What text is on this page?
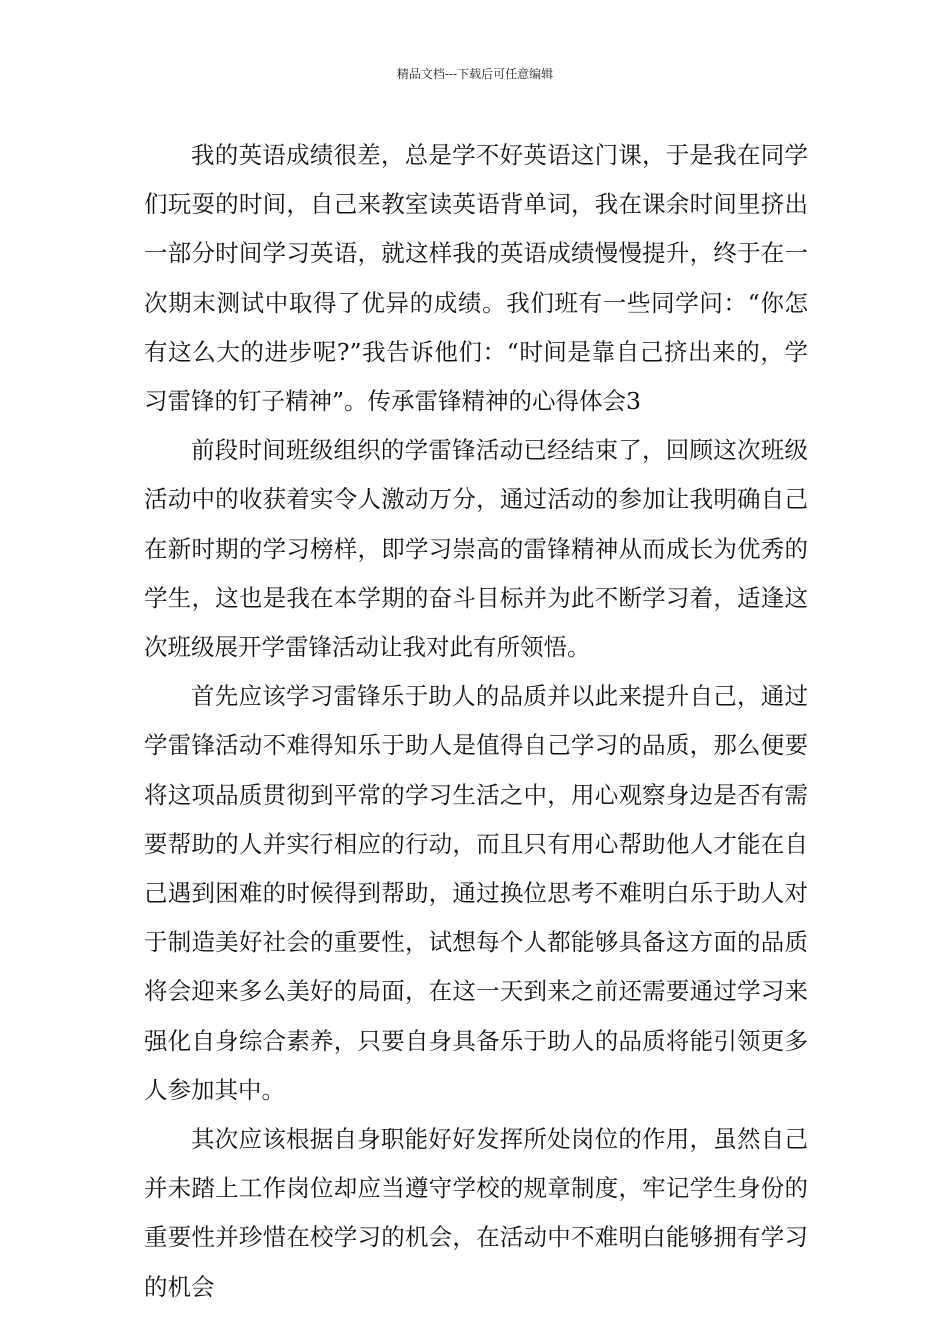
精品文档---下载后可任意编辑

我的英语成绩很差，总是学不好英语这门课，于是我在同学们玩耍的时间，自己来教室读英语背单词，我在课余时间里挤出一部分时间学习英语，就这样我的英语成绩慢慢提升，终于在一次期末测试中取得了优异的成绩。我们班有一些同学问：“你怎有这么大的进步呢?”我告诉他们：“时间是靠自己挤出来的，学习雷锋的钉子精神”。传承雷锋精神的心得体会3

前段时间班级组织的学雷锋活动已经结束了，回顾这次班级活动中的收获着实令人激动万分，通过活动的参加让我明确自己在新时期的学习榜样，即学习崇高的雷锋精神从而成长为优秀的学生，这也是我在本学期的奋斗目标并为此不断学习着，适逢这次班级展开学雷锋活动让我对此有所领悟。

首先应该学习雷锋乐于助人的品质并以此来提升自己，通过学雷锋活动不难得知乐于助人是值得自己学习的品质，那么便要将这项品质贯彻到平常的学习生活之中，用心观察身边是否有需要帮助的人并实行相应的行动，而且只有用心帮助他人才能在自己遇到困难的时候得到帮助，通过换位思考不难明白乐于助人对于制造美好社会的重要性，试想每个人都能够具备这方面的品质将会迎来多么美好的局面，在这一天到来之前还需要通过学习来强化自身综合素养，只要自身具备乐于助人的品质将能引领更多人参加其中。

其次应该根据自身职能好好发挥所处岗位的作用，虽然自己并未踏上工作岗位却应当遵守学校的规章制度，牢记学生身份的重要性并珍惜在校学习的机会，在活动中不难明白能够拥有学习的机会
